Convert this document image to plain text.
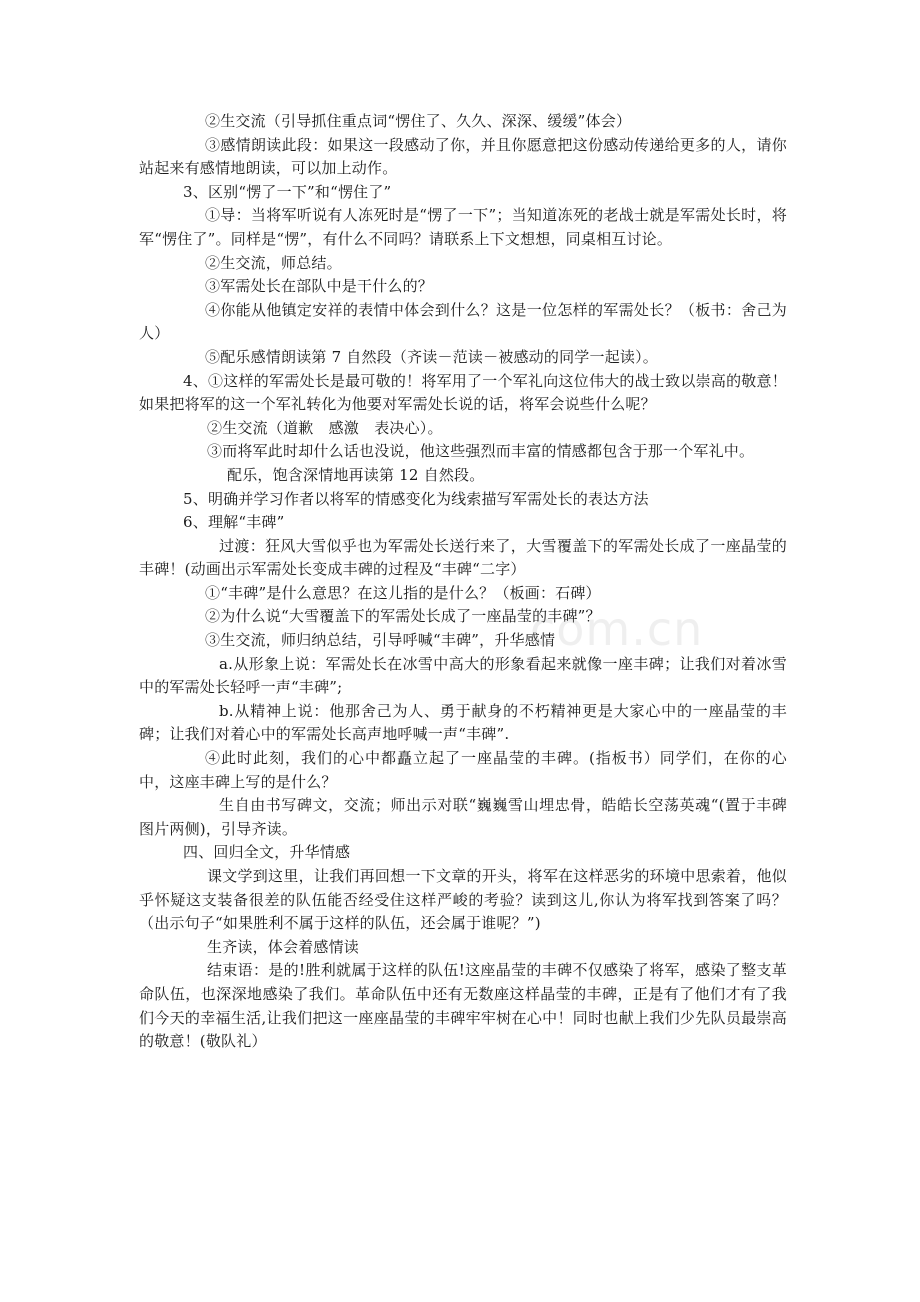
②生交流（引导抓住重点词“愣住了、久久、深深、缓缓”体会）

③感情朗读此段：如果这一段感动了你，并且你愿意把这份感动传递给更多的人，请你站起来有感情地朗读，可以加上动作。

3、区别“愣了一下”和“愣住了”

①导：当将军听说有人冻死时是“愣了一下”；当知道冻死的老战士就是军需处长时，将军“愣住了”。同样是“愣”，有什么不同吗？请联系上下文想想，同桌相互讨论。

②生交流，师总结。

③军需处长在部队中是干什么的？

④你能从他镇定安祥的表情中体会到什么？这是一位怎样的军需处长？（板书：舍己为人）

⑤配乐感情朗读第 7 自然段（齐读－范读－被感动的同学一起读）。

4、①这样的军需处长是最可敬的！将军用了一个军礼向这位伟大的战士致以崇高的敬意！如果把将军的这一个军礼转化为他要对军需处长说的话，将军会说些什么呢？

②生交流（道歉　感激　表决心）。

③而将军此时却什么话也没说，他这些强烈而丰富的情感都包含于那一个军礼中。

配乐，饱含深情地再读第 12 自然段。

5、明确并学习作者以将军的情感变化为线索描写军需处长的表达方法

6、理解“丰碑”

过渡：狂风大雪似乎也为军需处长送行来了，大雪覆盖下的军需处长成了一座晶莹的丰碑！(动画出示军需处长变成丰碑的过程及“丰碑“二字）

①“丰碑”是什么意思？在这儿指的是什么？（板画：石碑）

②为什么说“大雪覆盖下的军需处长成了一座晶莹的丰碑”？

③生交流，师归纳总结，引导呼喊“丰碑”，升华感情

a.从形象上说：军需处长在冰雪中高大的形象看起来就像一座丰碑；让我们对着冰雪中的军需处长轻呼一声“丰碑”;

b.从精神上说：他那舍己为人、勇于献身的不朽精神更是大家心中的一座晶莹的丰碑；让我们对着心中的军需处长高声地呼喊一声“丰碑”.

④此时此刻，我们的心中都矗立起了一座晶莹的丰碑。(指板书）同学们，在你的心中，这座丰碑上写的是什么？

生自由书写碑文，交流；师出示对联“巍巍雪山埋忠骨，皓皓长空荡英魂“(置于丰碑图片两侧)，引导齐读。

四、回归全文，升华情感

课文学到这里，让我们再回想一下文章的开头，将军在这样恶劣的环境中思索着，他似乎怀疑这支装备很差的队伍能否经受住这样严峻的考验？读到这儿,你认为将军找到答案了吗？（出示句子“如果胜利不属于这样的队伍，还会属于谁呢？”)

生齐读，体会着感情读

结束语：是的!胜利就属于这样的队伍!这座晶莹的丰碑不仅感染了将军，感染了整支革命队伍，也深深地感染了我们。革命队伍中还有无数座这样晶莹的丰碑，正是有了他们才有了我们今天的幸福生活,让我们把这一座座晶莹的丰碑牢牢树在心中！同时也献上我们少先队员最崇高的敬意！(敬队礼）

com.cn
